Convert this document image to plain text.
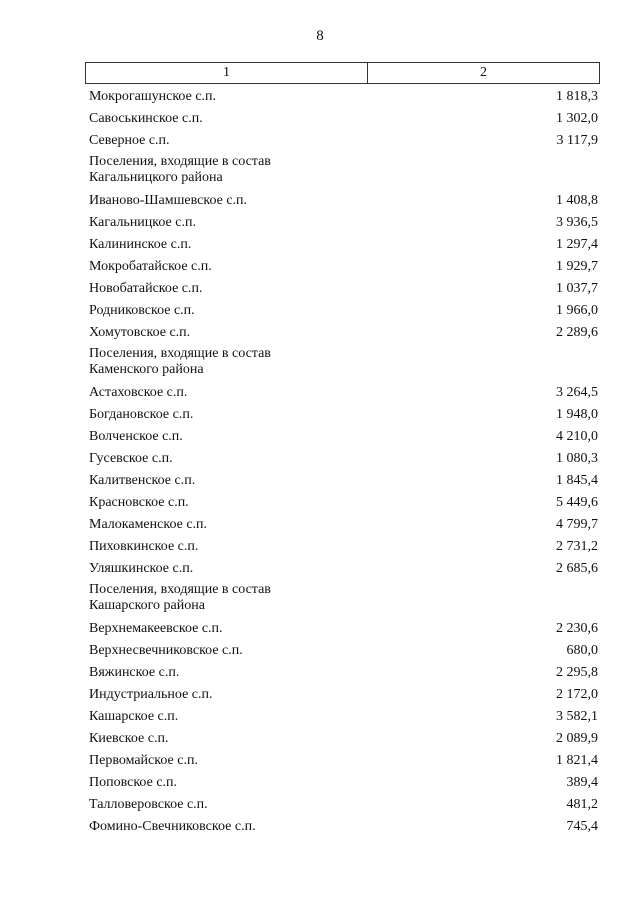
8
1	2
Мокрогашунское с.п.	1 818,3
Савоськинское с.п.	1 302,0
Северное с.п.	3 117,9
Поселения, входящие в состав
Кагальницкого района
Иваново-Шамшевское с.п.	1 408,8
Кагальницкое с.п.	3 936,5
Калининское с.п.	1 297,4
Мокробатайское с.п.	1 929,7
Новобатайское с.п.	1 037,7
Родниковское с.п.	1 966,0
Хомутовское с.п.	2 289,6
Поселения, входящие в состав
Каменского района
Астаховское с.п.	3 264,5
Богдановское с.п.	1 948,0
Волченское с.п.	4 210,0
Гусевское с.п.	1 080,3
Калитвенское с.п.	1 845,4
Красновское с.п.	5 449,6
Малокаменское с.п.	4 799,7
Пиховкинское с.п.	2 731,2
Уляшкинское с.п.	2 685,6
Поселения, входящие в состав
Кашарского района
Верхнемакеевское с.п.	2 230,6
Верхнесвечниковское с.п.	680,0
Вяжинское с.п.	2 295,8
Индустриальное с.п.	2 172,0
Кашарское с.п.	3 582,1
Киевское с.п.	2 089,9
Первомайское с.п.	1 821,4
Поповское с.п.	389,4
Талловеровское с.п.	481,2
Фомино-Свечниковское с.п.	745,4
